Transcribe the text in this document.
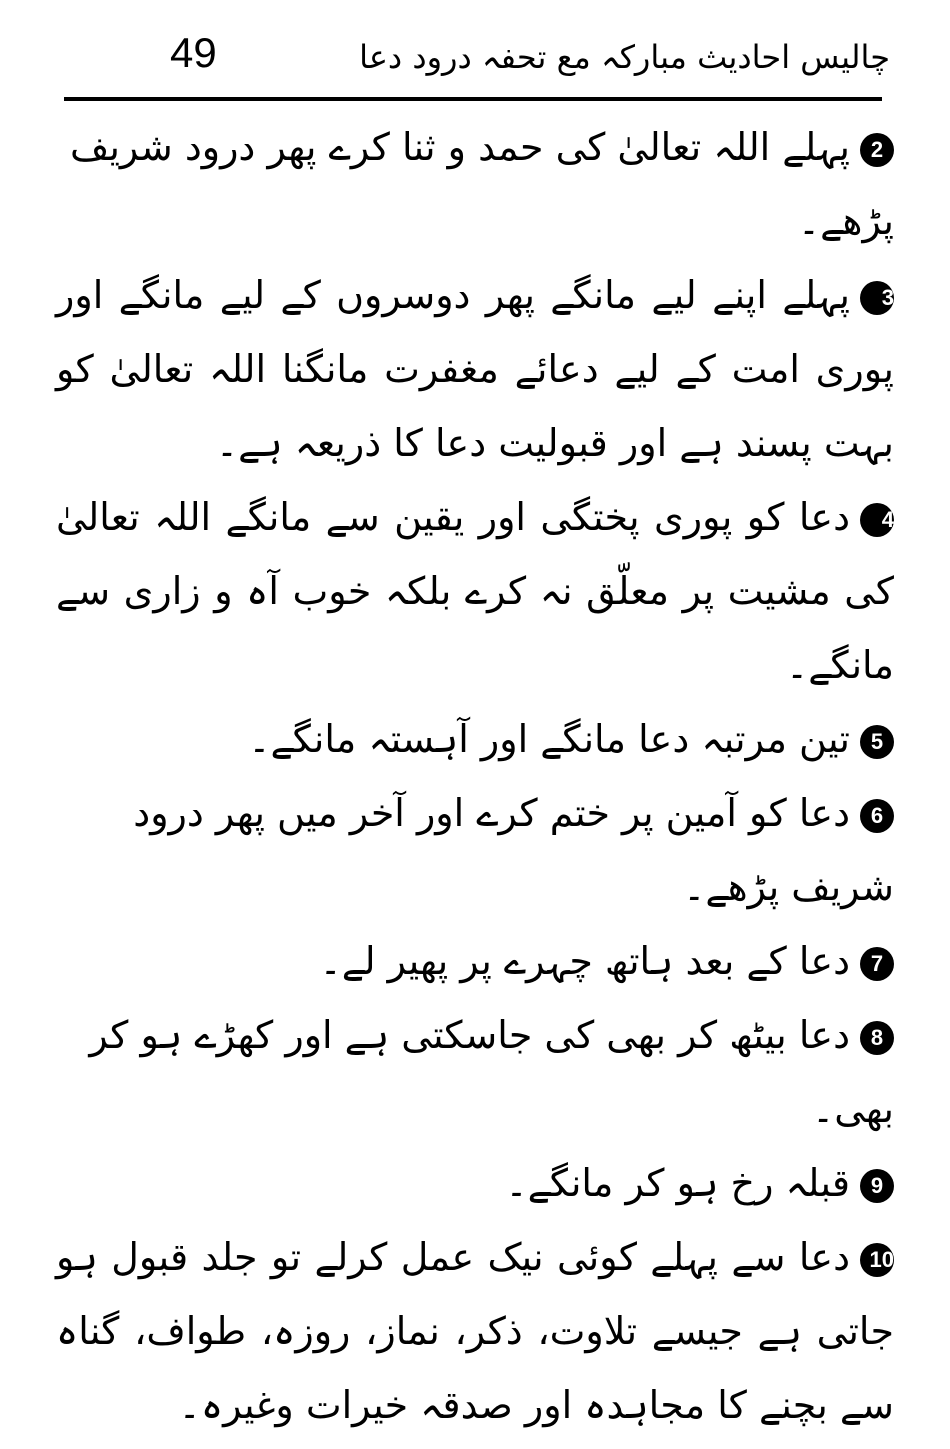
49	چالیس احادیث مبارکہ مع تحفہ درود دعا
2پہلے اللہ تعالیٰ کی حمد و ثنا کرے پھر درود شریف پڑھے۔
3پہلے اپنے لیے مانگے پھر دوسروں کے لیے مانگے اور پوری امت کے لیے دعائے مغفرت مانگنا اللہ تعالیٰ کو بہت پسند ہے اور قبولیت دعا کا ذریعہ ہے۔
4دعا کو پوری پختگی اور یقین سے مانگے اللہ تعالیٰ کی مشیت پر معلّق نہ کرے بلکہ خوب آہ و زاری سے مانگے۔
5تین مرتبہ دعا مانگے اور آہستہ مانگے۔
6دعا کو آمین پر ختم کرے اور آخر میں پھر درود شریف پڑھے۔
7دعا کے بعد ہاتھ چہرے پر پھیر لے۔
8دعا بیٹھ کر بھی کی جاسکتی ہے اور کھڑے ہو کر بھی۔
9قبلہ رخ ہو کر مانگے۔
10دعا سے پہلے کوئی نیک عمل کرلے تو جلد قبول ہو جاتی ہے جیسے تلاوت، ذکر، نماز، روزہ، طواف، گناہ سے بچنے کا مجاہدہ اور صدقہ خیرات وغیرہ۔
